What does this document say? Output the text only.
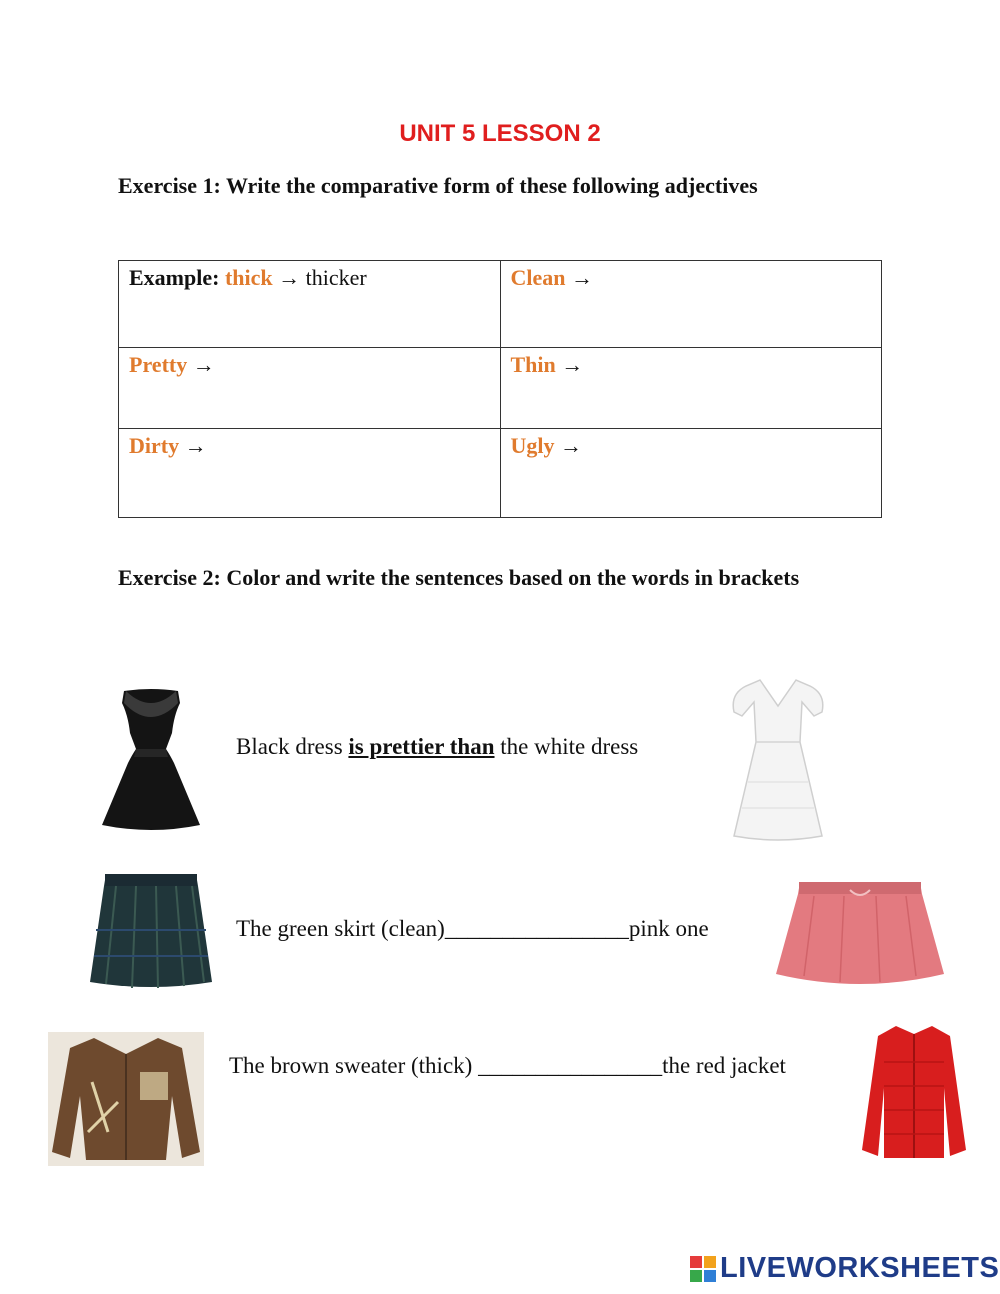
UNIT 5 LESSON 2
Exercise 1: Write the comparative form of these following adjectives
Example: thick → thicker	Clean →
Pretty →	Thin →
Dirty →	Ugly →
Exercise 2: Color and write the sentences based on the words in brackets
Black dress is prettier than the white dress
The green skirt (clean)________________pink one
The brown sweater (thick) ________________the red jacket
LIVEWORKSHEETS
